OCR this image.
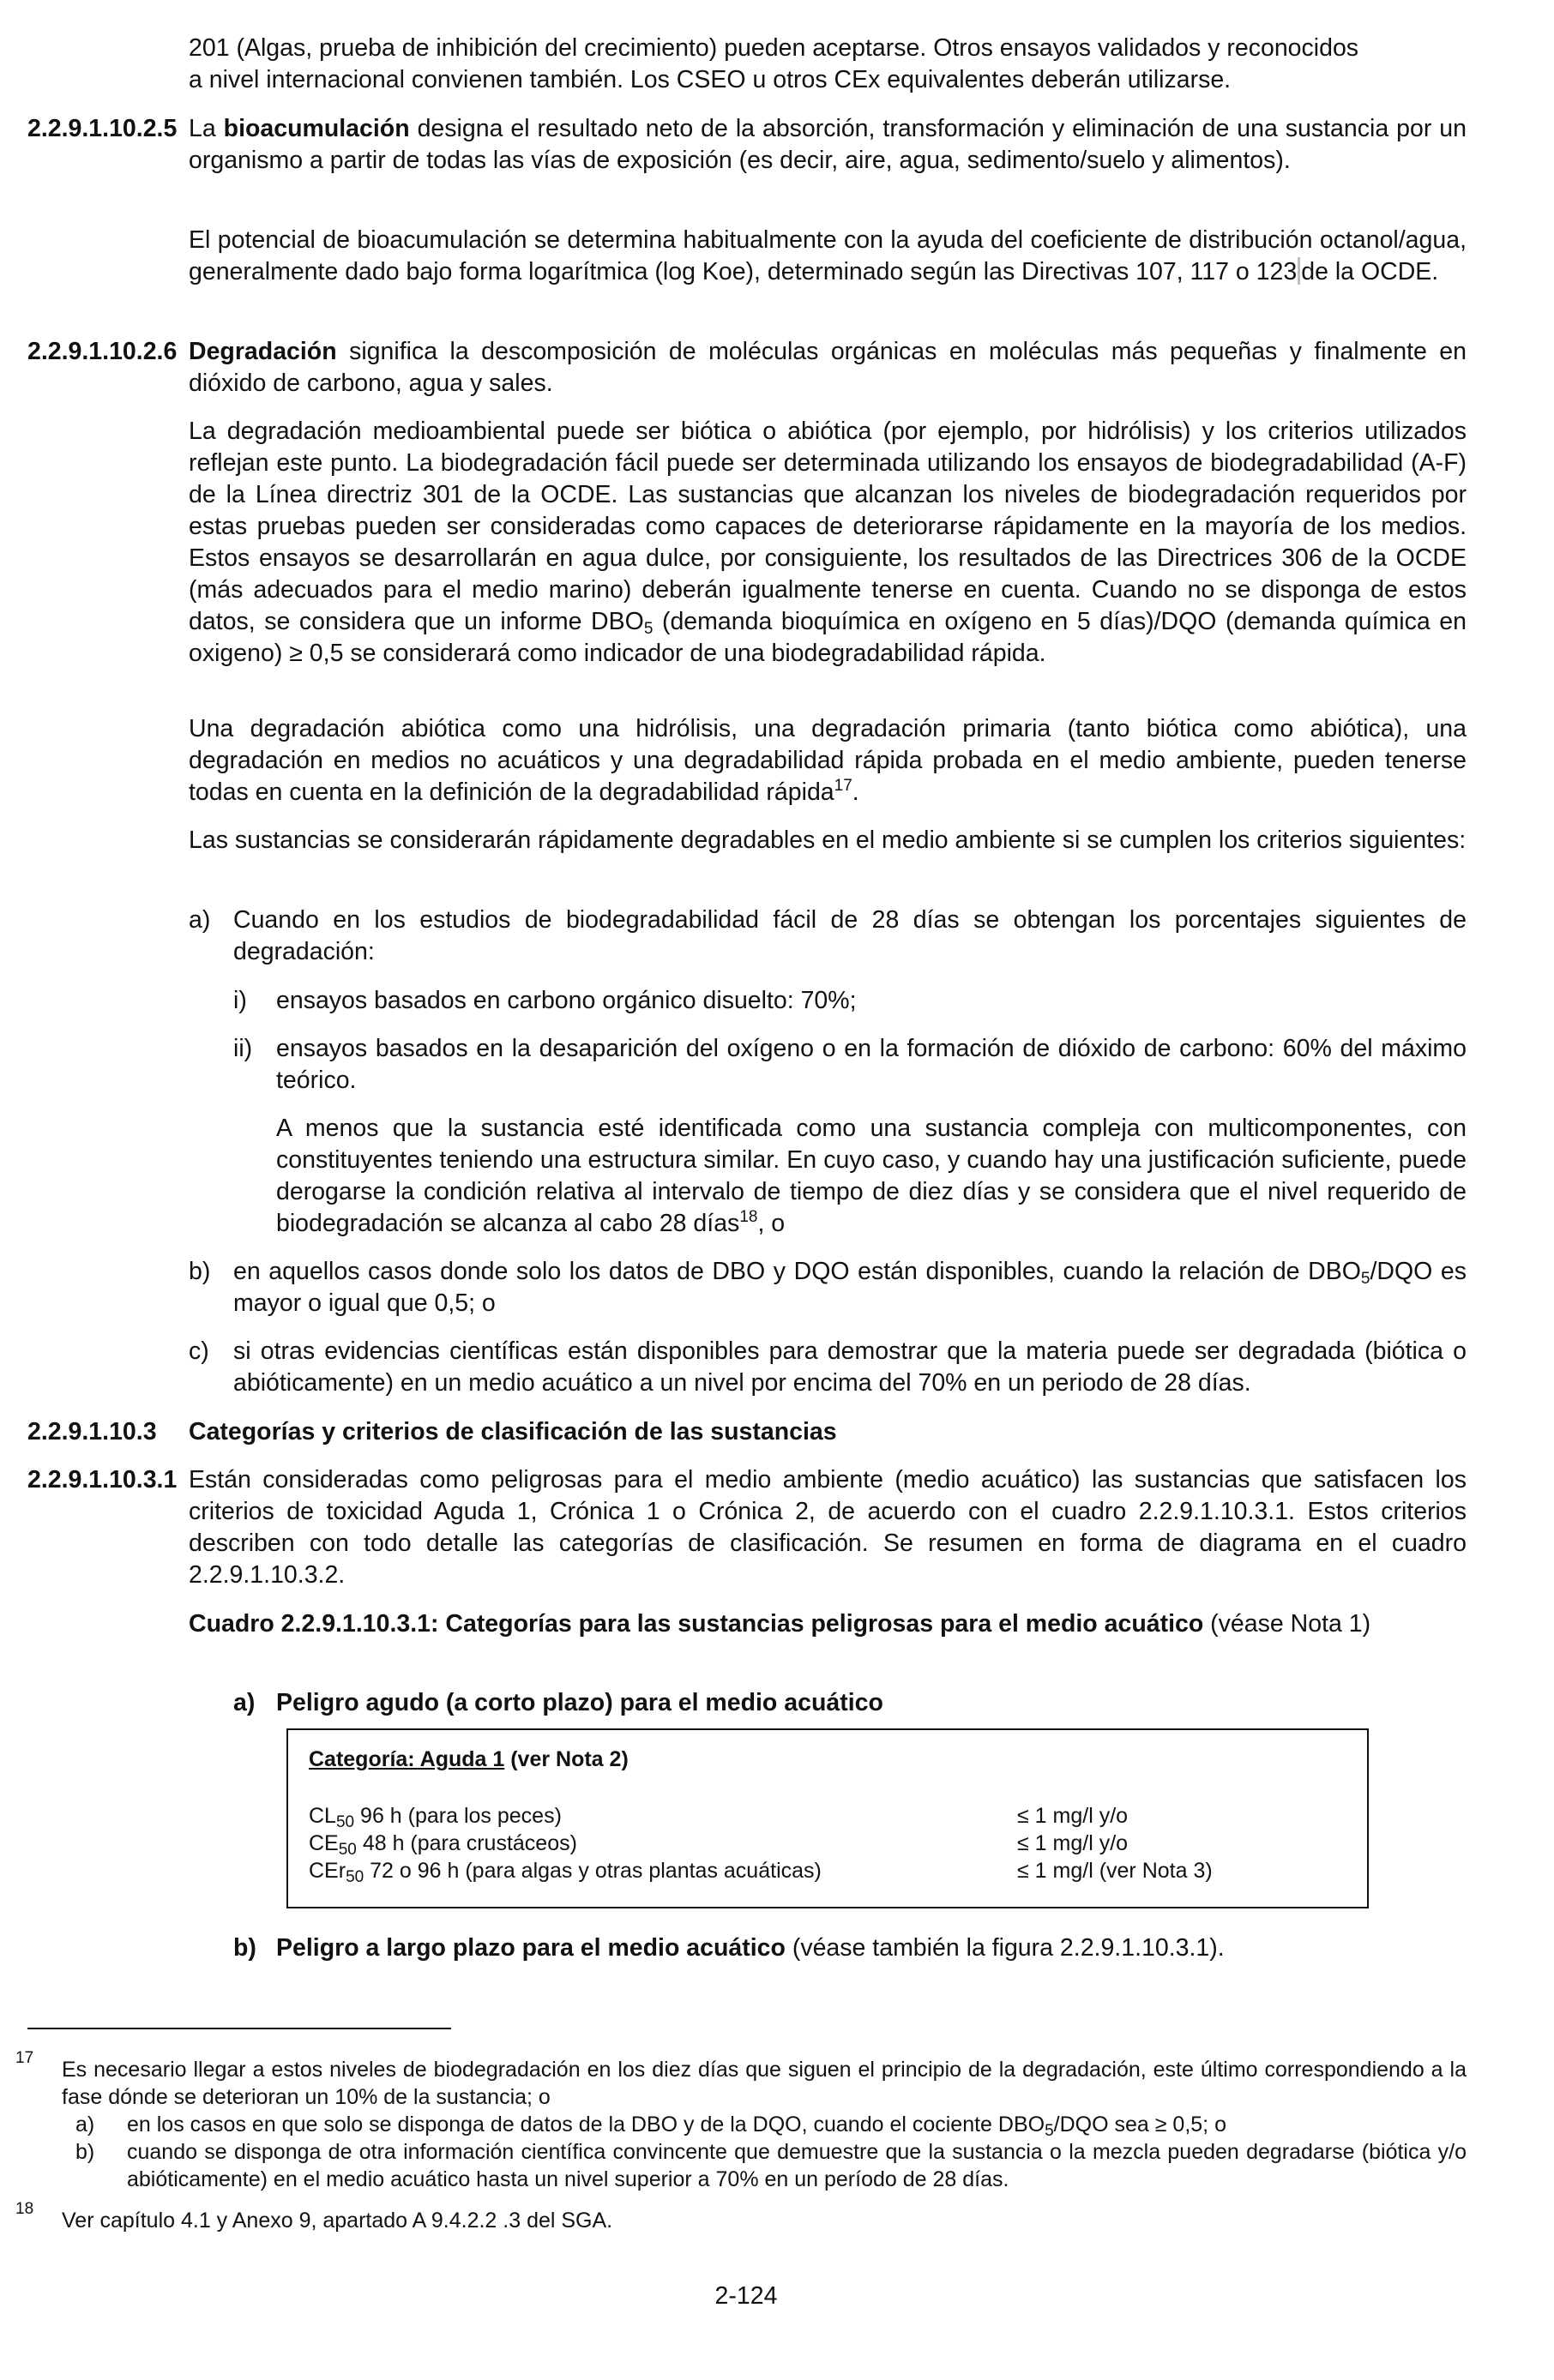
201 (Algas, prueba de inhibición del crecimiento) pueden aceptarse. Otros ensayos validados y reconocidos
a nivel internacional convienen también. Los CSEO u otros CEx equivalentes deberán utilizarse.
2.2.9.1.10.2.5 La bioacumulación designa el resultado neto de la absorción, transformación y eliminación de una sustancia por un organismo a partir de todas las vías de exposición (es decir, aire, agua, sedimento/suelo y alimentos).
El potencial de bioacumulación se determina habitualmente con la ayuda del coeficiente de distribución octanol/agua, generalmente dado bajo forma logarítmica (log Koe), determinado según las Directivas 107, 117 o 123 de la OCDE.
2.2.9.1.10.2.6 Degradación significa la descomposición de moléculas orgánicas en moléculas más pequeñas y finalmente en dióxido de carbono, agua y sales.
La degradación medioambiental puede ser biótica o abiótica (por ejemplo, por hidrólisis) y los criterios utilizados reflejan este punto. La biodegradación fácil puede ser determinada utilizando los ensayos de biodegradabilidad (A-F) de la Línea directriz 301 de la OCDE. Las sustancias que alcanzan los niveles de biodegradación requeridos por estas pruebas pueden ser consideradas como capaces de deteriorarse rápidamente en la mayoría de los medios. Estos ensayos se desarrollarán en agua dulce, por consiguiente, los resultados de las Directrices 306 de la OCDE (más adecuados para el medio marino) deberán igualmente tenerse en cuenta. Cuando no se disponga de estos datos, se considera que un informe $DBO_5$ (demanda bioquímica en oxígeno en 5 días)/DQO (demanda química en oxigeno) ≥ 0,5 se considerará como indicador de una biodegradabilidad rápida.
Una degradación abiótica como una hidrólisis, una degradación primaria (tanto biótica como abiótica), una degradación en medios no acuáticos y una degradabilidad rápida probada en el medio ambiente, pueden tenerse todas en cuenta en la definición de la degradabilidad rápida$^{17}$.
Las sustancias se considerarán rápidamente degradables en el medio ambiente si se cumplen los criterios siguientes:
a) Cuando en los estudios de biodegradabilidad fácil de 28 días se obtengan los porcentajes siguientes de degradación:
i) ensayos basados en carbono orgánico disuelto: 70%;
ii) ensayos basados en la desaparición del oxígeno o en la formación de dióxido de carbono: 60% del máximo teórico.
A menos que la sustancia esté identificada como una sustancia compleja con multicomponentes, con constituyentes teniendo una estructura similar. En cuyo caso, y cuando hay una justificación suficiente, puede derogarse la condición relativa al intervalo de tiempo de diez días y se considera que el nivel requerido de biodegradación se alcanza al cabo 28 días$^{18}$, o
b) en aquellos casos donde solo los datos de DBO y DQO están disponibles, cuando la relación de $DBO_5$/DQO es mayor o igual que 0,5; o
c) si otras evidencias científicas están disponibles para demostrar que la materia puede ser degradada (biótica o abióticamente) en un medio acuático a un nivel por encima del 70% en un periodo de 28 días.
2.2.9.1.10.3 Categorías y criterios de clasificación de las sustancias
2.2.9.1.10.3.1 Están consideradas como peligrosas para el medio ambiente (medio acuático) las sustancias que satisfacen los criterios de toxicidad Aguda 1, Crónica 1 o Crónica 2, de acuerdo con el cuadro 2.2.9.1.10.3.1. Estos criterios describen con todo detalle las categorías de clasificación. Se resumen en forma de diagrama en el cuadro 2.2.9.1.10.3.2.
Cuadro 2.2.9.1.10.3.1: Categorías para las sustancias peligrosas para el medio acuático (véase Nota 1)
a) Peligro agudo (a corto plazo) para el medio acuático
Categoría: Aguda 1 (ver Nota 2)
$CL_{50}$ 96 h (para los peces)	≤ 1 mg/l y/o
$CE_{50}$ 48 h (para crustáceos)	≤ 1 mg/l y/o
CEr$_{50}$ 72 o 96 h (para algas y otras plantas acuáticas)	≤ 1 mg/l (ver Nota 3)
b) Peligro a largo plazo para el medio acuático (véase también la figura 2.2.9.1.10.3.1).
17 Es necesario llegar a estos niveles de biodegradación en los diez días que siguen el principio de la degradación, este último correspondiendo a la fase dónde se deterioran un 10% de la sustancia; o
a) en los casos en que solo se disponga de datos de la DBO y de la DQO, cuando el cociente $DBO_5$/DQO sea ≥ 0,5; o
b) cuando se disponga de otra información científica convincente que demuestre que la sustancia o la mezcla pueden degradarse (biótica y/o abióticamente) en el medio acuático hasta un nivel superior a 70% en un período de 28 días.
18 Ver capítulo 4.1 y Anexo 9, apartado A 9.4.2.2 .3 del SGA.
2-124
